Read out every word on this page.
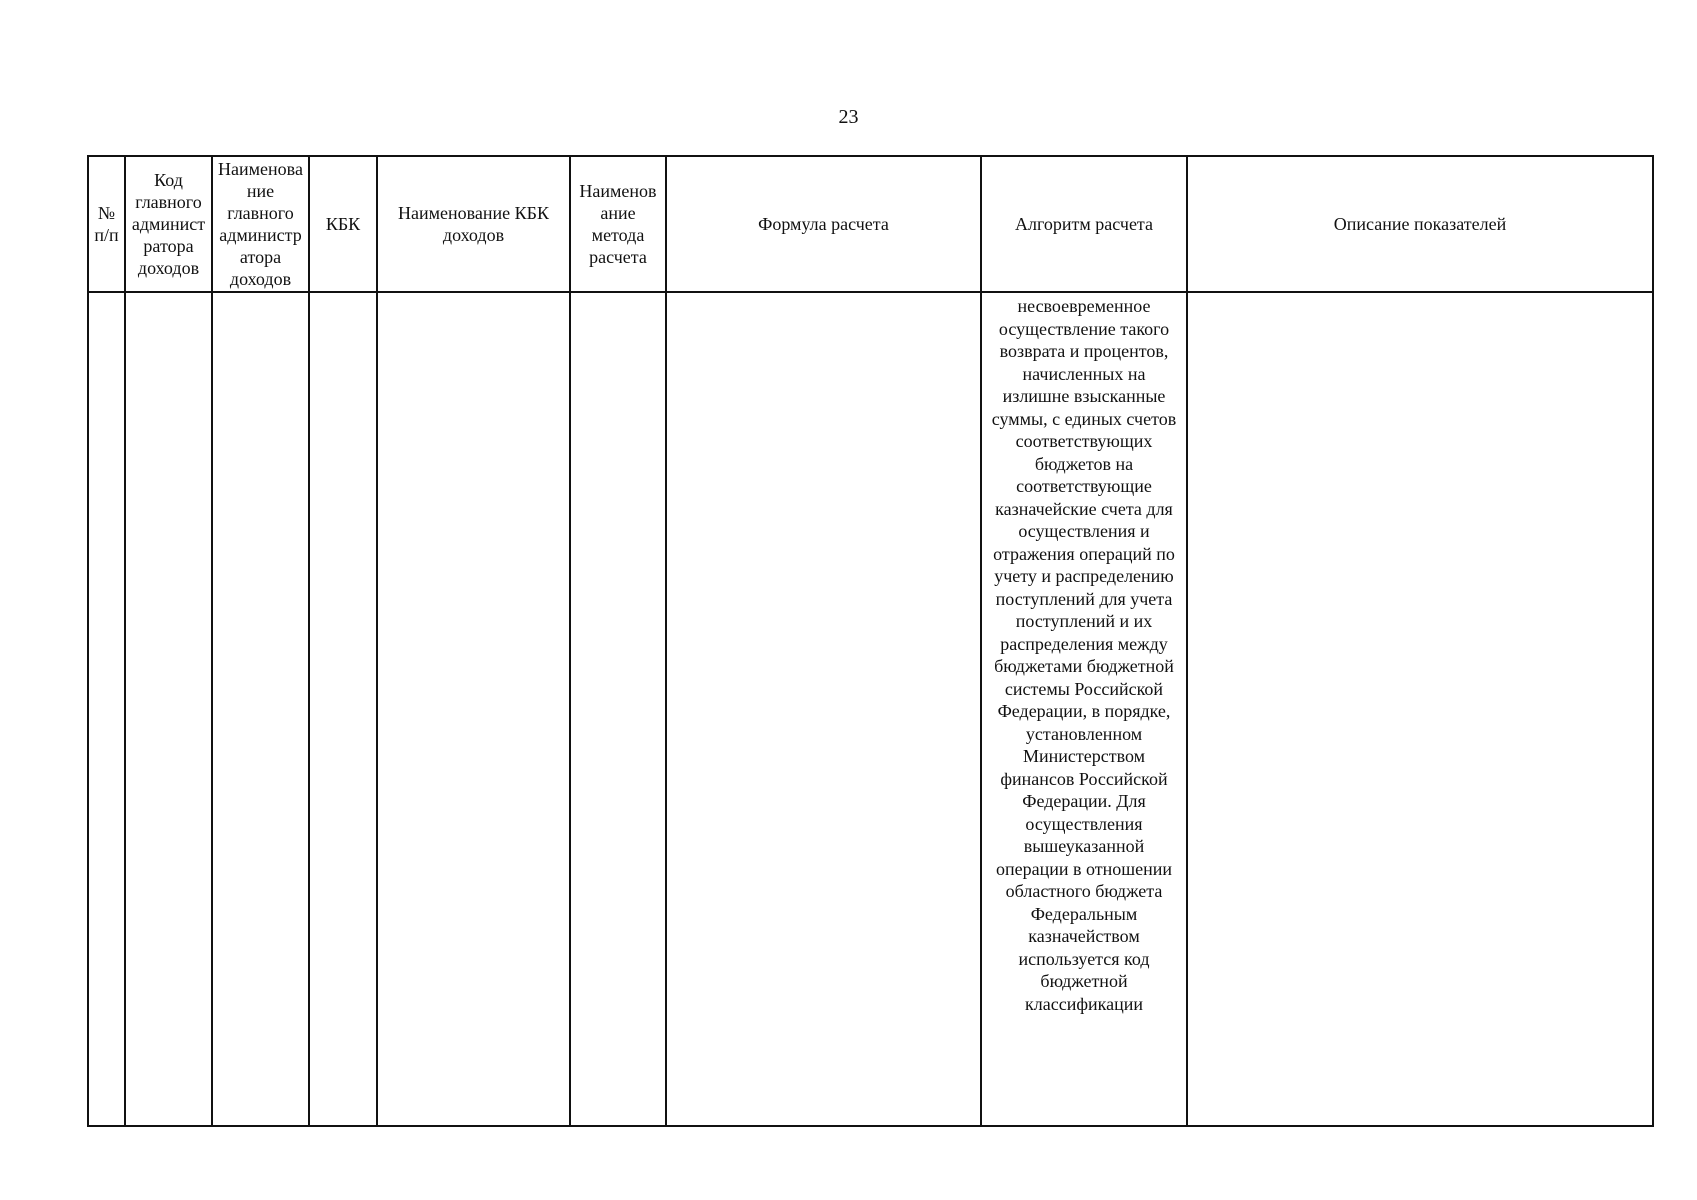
23
№ п/п	Код главного админист ратора доходов	Наименова ние главного администр атора доходов	КБК	Наименование КБК доходов	Наименов ание метода расчета	Формула расчета	Алгоритм расчета	Описание показателей

							несвоевременное осуществление такого возврата и процентов, начисленных на излишне взысканные суммы, с единых счетов соответствующих бюджетов на соответствующие казначейские счета для осуществления и отражения операций по учету и распределению поступлений для учета поступлений и их распределения между бюджетами бюджетной системы Российской Федерации, в порядке, установленном Министерством финансов Российской Федерации. Для осуществления вышеуказанной операции в отношении областного бюджета Федеральным казначейством используется код бюджетной классификации	
